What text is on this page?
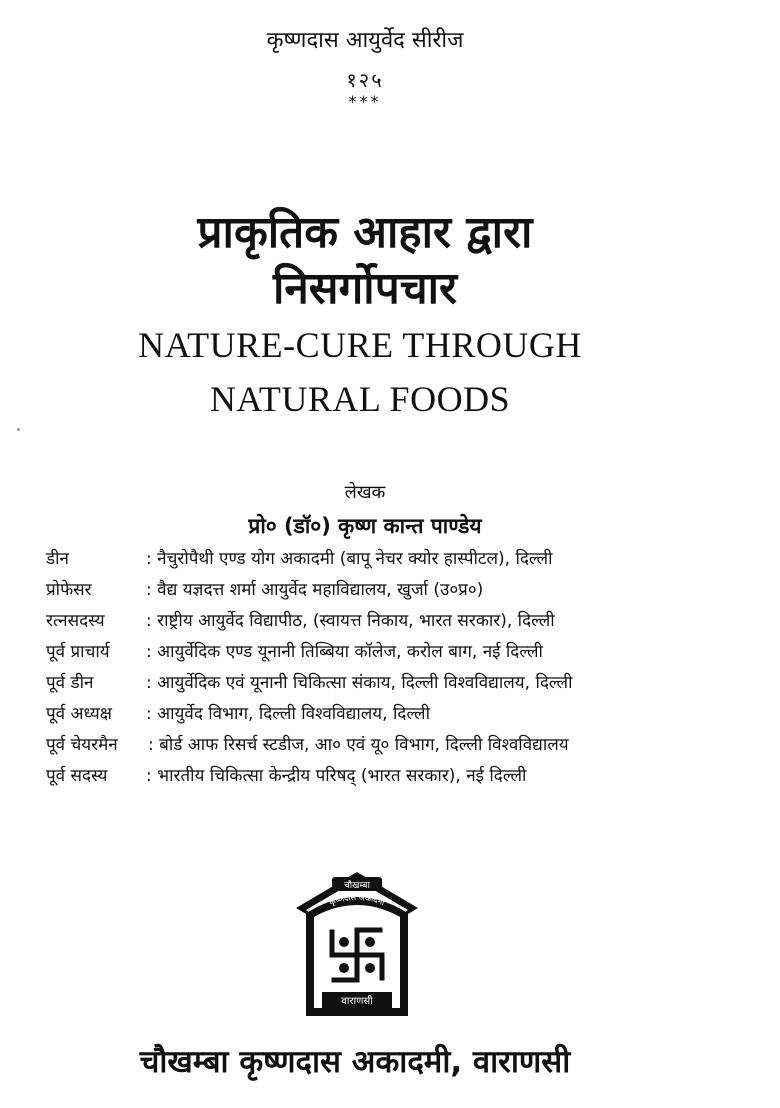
कृष्णदास आयुर्वेद सीरीज
१२५
***
प्राकृतिक आहार द्वारा
निसर्गोपचार
NATURE-CURE THROUGH
NATURAL FOODS
लेखक
प्रो० (डॉ०) कृष्ण कान्त पाण्डेय
डीन	: नैचुरोपैथी एण्ड योग अकादमी (बापू नेचर क्योर हास्पीटल), दिल्ली
प्रोफेसर	: वैद्य यज्ञदत्त शर्मा आयुर्वेद महाविद्यालय, खुर्जा (उ०प्र०)
रत्नसदस्य : राष्ट्रीय आयुर्वेद विद्यापीठ, (स्वायत्त निकाय, भारत सरकार), दिल्ली
पूर्व प्राचार्य : आयुर्वेदिक एण्ड यूनानी तिब्बिया कॉलेज, करोल बाग, नई दिल्ली
पूर्व डीन	: आयुर्वेदिक एवं यूनानी चिकित्सा संकाय, दिल्ली विश्वविद्यालय, दिल्ली
पूर्व अध्यक्ष : आयुर्वेद विभाग, दिल्ली विश्वविद्यालय, दिल्ली
पूर्व चेयरमैन : बोर्ड आफ रिसर्च स्टडीज, आ० एवं यू० विभाग, दिल्ली विश्वविद्यालय
पूर्व सदस्य : भारतीय चिकित्सा केन्द्रीय परिषद् (भारत सरकार), नई दिल्ली
चौखम्बा
कृष्णदास अकादमी
वाराणसी
चौखम्बा कृष्णदास अकादमी, वाराणसी
